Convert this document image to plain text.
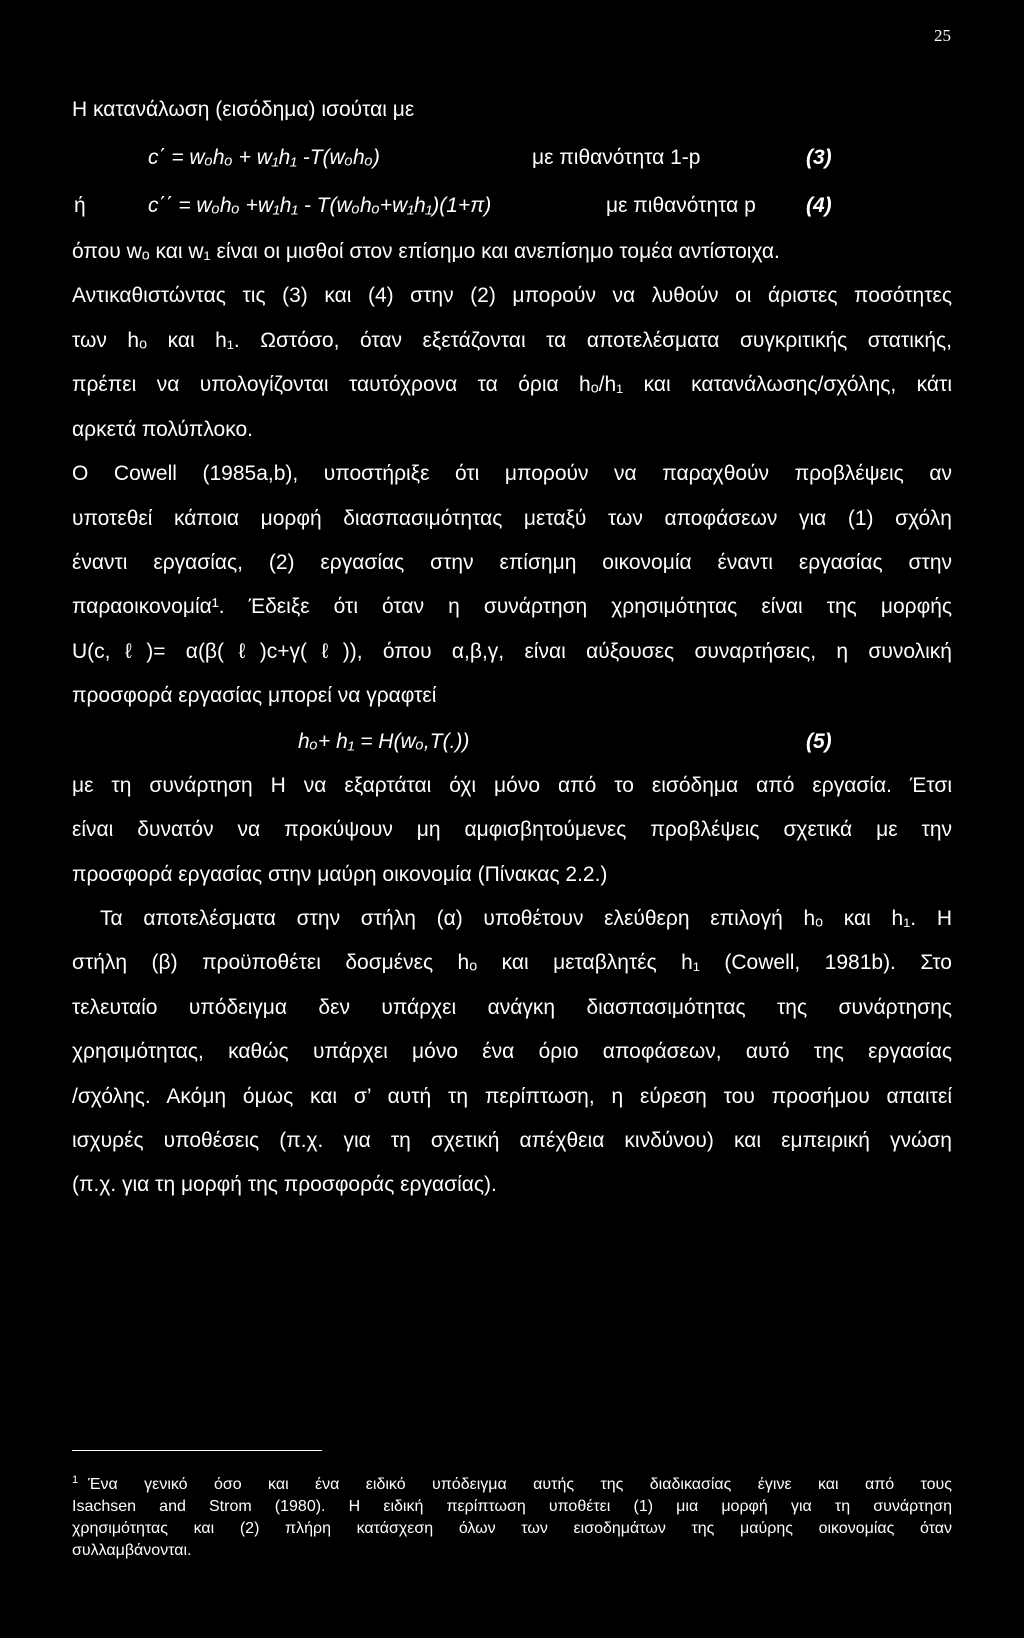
25
Η κατανάλωση (εισόδημα) ισούται με
c΄ = wₒhₒ + w₁h₁ -T(wₒhₒ)	με πιθανότητα 1-p	(3)
ή	c΄΄ = wₒhₒ +w₁h₁ - T(wₒhₒ+w₁h₁)(1+π)	με πιθανότητα p (4)
όπου wₒ και w₁ είναι οι μισθοί στον επίσημο και ανεπίσημο τομέα αντίστοιχα.
Αντικαθιστώντας τις (3) και (4) στην (2) μπορούν να λυθούν οι άριστες ποσότητες
των hₒ και h₁. Ωστόσο, όταν εξετάζονται τα αποτελέσματα συγκριτικής στατικής,
πρέπει να υπολογίζονται ταυτόχρονα τα όρια hₒ/h₁ και κατανάλωσης/σχόλης, κάτι
αρκετά πολύπλοκο.
Ο Cowell (1985a,b), υποστήριξε ότι μπορούν να παραχθούν προβλέψεις αν
υποτεθεί κάποια μορφή διασπασιμότητας μεταξύ των αποφάσεων για (1) σχόλη
έναντι εργασίας, (2) εργασίας στην επίσημη οικονομία έναντι εργασίας στην
παραοικονομία¹. Έδειξε ότι όταν η συνάρτηση χρησιμότητας είναι της μορφής
U(c,ℓ)= α(β(ℓ)c+γ(ℓ)), όπου α,β,γ, είναι αύξουσες συναρτήσεις, η συνολική
προσφορά εργασίας μπορεί να γραφτεί
hₒ+ h₁ = H(wₒ,T(.))	(5)
με τη συνάρτηση Η να εξαρτάται όχι μόνο από το εισόδημα από εργασία. Έτσι
είναι δυνατόν να προκύψουν μη αμφισβητούμενες προβλέψεις σχετικά με την
προσφορά εργασίας στην μαύρη οικονομία (Πίνακας 2.2.)
Τα αποτελέσματα στην στήλη (α) υποθέτουν ελεύθερη επιλογή hₒ και h₁. Η
στήλη (β) προϋποθέτει δοσμένες hₒ και μεταβλητές h₁ (Cowell, 1981b). Στο
τελευταίο υπόδειγμα δεν υπάρχει ανάγκη διασπασιμότητας της συνάρτησης
χρησιμότητας, καθώς υπάρχει μόνο ένα όριο αποφάσεων, αυτό της εργασίας
/σχόλης. Ακόμη όμως και σ’ αυτή τη περίπτωση, η εύρεση του προσήμου απαιτεί
ισχυρές υποθέσεις (π.χ. για τη σχετική απέχθεια κινδύνου) και εμπειρική γνώση
(π.χ. για τη μορφή της προσφοράς εργασίας).
1 Ένα γενικό όσο και ένα ειδικό υπόδειγμα αυτής της διαδικασίας έγινε και από τους
Isachsen and Strom (1980). Η ειδική περίπτωση υποθέτει (1) μια μορφή για τη συνάρτηση
χρησιμότητας και (2) πλήρη κατάσχεση όλων των εισοδημάτων της μαύρης οικονομίας όταν
συλλαμβάνονται.
